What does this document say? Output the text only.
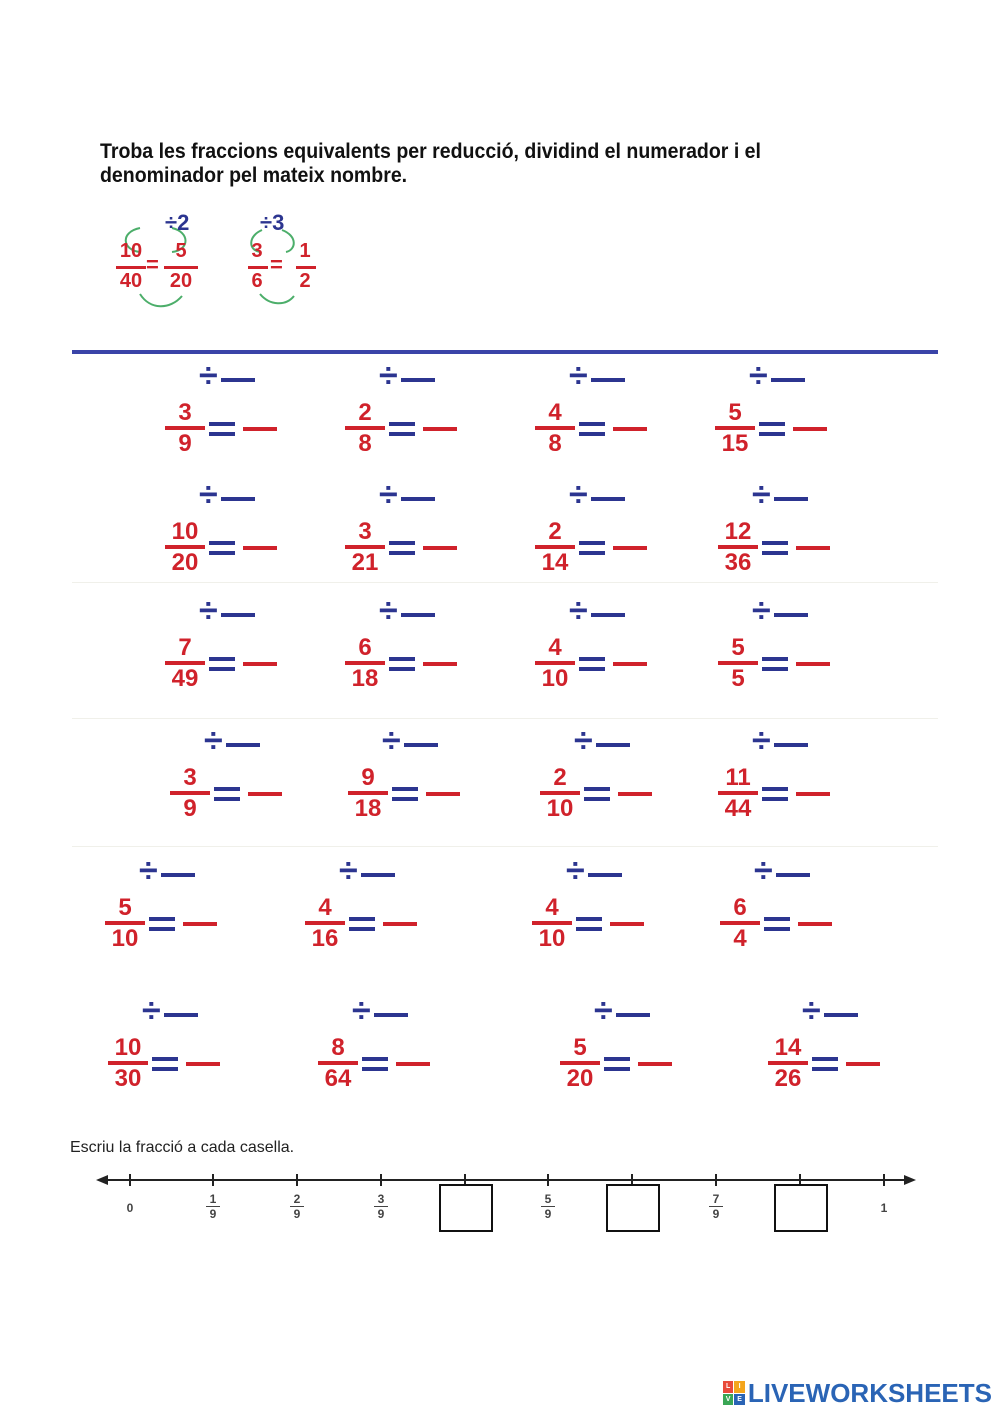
Troba les fraccions equivalents per reducció, dividind el numerador i el denominador pel mateix nombre.
÷2
10
40
=
5
20
÷3
3
6
=
1
2
÷
3
9
÷
2
8
÷
4
8
÷
5
15
÷
10
20
÷
3
21
÷
2
14
÷
12
36
÷
7
49
÷
6
18
÷
4
10
÷
5
5
÷
3
9
÷
9
18
÷
2
10
÷
11
44
÷
5
10
÷
4
16
÷
4
10
÷
6
4
÷
10
30
÷
8
64
÷
5
20
÷
14
26
Escriu la fracció a cada casella.
0
1
9
2
9
3
9
5
9
7
9	1
L	I
V E LIVEWORKSHEETS
